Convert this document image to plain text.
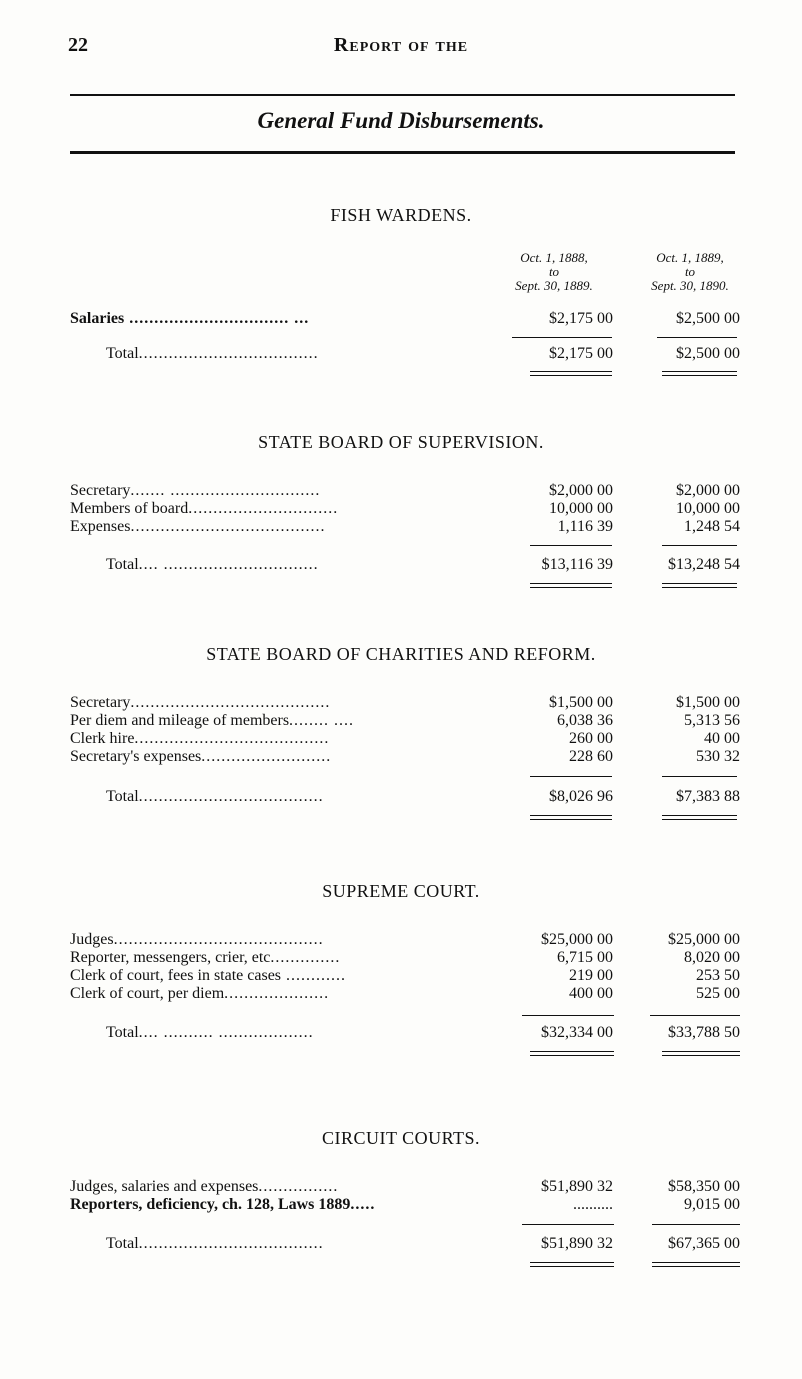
22	Report of the
General Fund Disbursements.
FISH WARDENS.
Oct. 1, 1888,
to
Sept. 30, 1889.
Oct. 1, 1889,
to
Sept. 30, 1890.
Salaries ................................ ...	$2,175 00	$2,500 00
Total....................................	$2,175 00	$2,500 00
STATE BOARD OF SUPERVISION.
Secretary....... ..............................	$2,000 00	$2,000 00
Members of board..............................	10,000 00	10,000 00
Expenses.......................................	1,116 39	1,248 54
Total.... ...............................	$13,116 39	$13,248 54
STATE BOARD OF CHARITIES AND REFORM.
Secretary........................................	$1,500 00	$1,500 00
Per diem and mileage of members........ ....	6,038 36	5,313 56
Clerk hire.......................................	260 00	40 00
Secretary's expenses..........................	228 60	530 32
Total.....................................	$8,026 96	$7,383 88
SUPREME COURT.
Judges..........................................	$25,000 00	$25,000 00
Reporter, messengers, crier, etc..............	6,715 00	8,020 00
Clerk of court, fees in state cases ............	219 00	253 50
Clerk of court, per diem.....................	400 00	525 00
Total.... .......... ...................	$32,334 00	$33,788 50
CIRCUIT COURTS.
Judges, salaries and expenses................	$51,890 32	$58,350 00
Reporters, deficiency, ch. 128, Laws 1889.....	..........	9,015 00
Total.....................................	$51,890 32	$67,365 00
